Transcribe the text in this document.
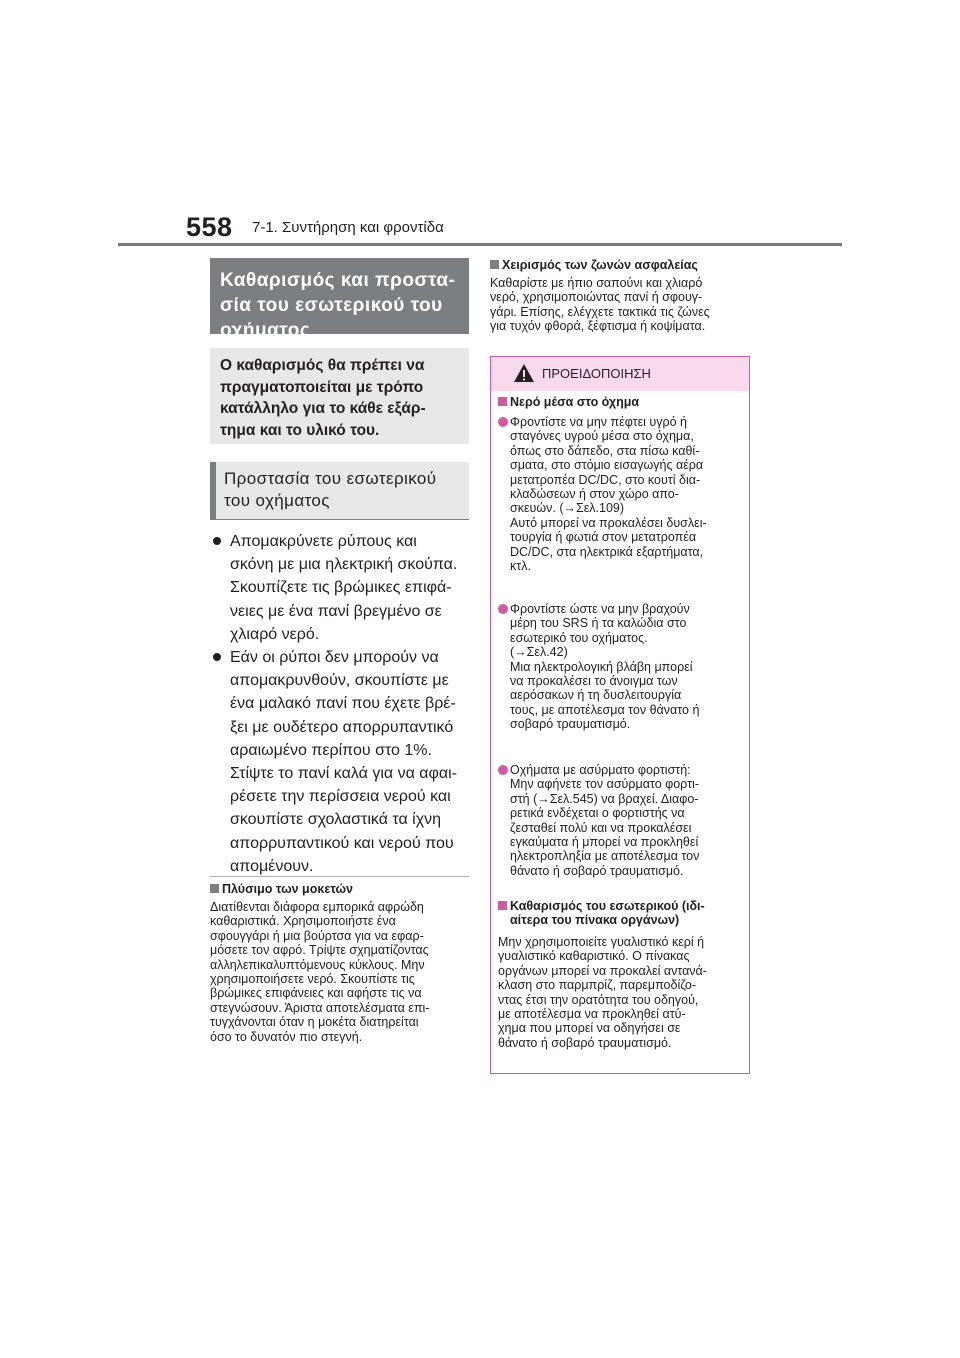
558 7-1. Συντήρηση και φροντίδα
Καθαρισμός και προστα-
σία του εσωτερικού του
οχήματος
Ο καθαρισμός θα πρέπει να
πραγματοποιείται με τρόπο
κατάλληλο για το κάθε εξάρ-
τημα και το υλικό του.
Προστασία του εσωτερικού
του οχήματος
Απομακρύνετε ρύπους και
σκόνη με μια ηλεκτρική σκούπα.
Σκουπίζετε τις βρώμικες επιφά-
νειες με ένα πανί βρεγμένο σε
χλιαρό νερό.
Εάν οι ρύποι δεν μπορούν να
απομακρυνθούν, σκουπίστε με
ένα μαλακό πανί που έχετε βρέ-
ξει με ουδέτερο απορρυπαντικό
αραιωμένο περίπου στο 1%.
Στίψτε το πανί καλά για να αφαι-
ρέσετε την περίσσεια νερού και
σκουπίστε σχολαστικά τα ίχνη
απορρυπαντικού και νερού που
απομένουν.
Πλύσιμο των μοκετών
Διατίθενται διάφορα εμπορικά αφρώδη
καθαριστικά. Χρησιμοποιήστε ένα
σφουγγάρι ή μια βούρτσα για να εφαρ-
μόσετε τον αφρό. Τρίψτε σχηματίζοντας
αλληλεπικαλυπτόμενους κύκλους. Μην
χρησιμοποιήσετε νερό. Σκουπίστε τις
βρώμικες επιφάνειες και αφήστε τις να
στεγνώσουν. Άριστα αποτελέσματα επι-
τυγχάνονται όταν η μοκέτα διατηρείται
όσο το δυνατόν πιο στεγνή.
Χειρισμός των ζωνών ασφαλείας
Καθαρίστε με ήπιο σαπούνι και χλιαρό
νερό, χρησιμοποιώντας πανί ή σφουγ-
γάρι. Επίσης, ελέγχετε τακτικά τις ζώνες
για τυχόν φθορά, ξέφτισμα ή κοψίματα.
ΠΡΟΕΙΔΟΠΟΙΗΣΗ
Νερό μέσα στο όχημα
Φροντίστε να μην πέφτει υγρό ή
σταγόνες υγρού μέσα στο όχημα,
όπως στο δάπεδο, στα πίσω καθί-
σματα, στο στόμιο εισαγωγής αέρα
μετατροπέα DC/DC, στο κουτί δια-
κλαδώσεων ή στον χώρο απο-
σκευών. (→Σελ.109)
Αυτό μπορεί να προκαλέσει δυσλει-
τουργία ή φωτιά στον μετατροπέα
DC/DC, στα ηλεκτρικά εξαρτήματα,
κτλ.
Φροντίστε ώστε να μην βραχούν
μέρη του SRS ή τα καλώδια στο
εσωτερικό του οχήματος.
(→Σελ.42)
Μια ηλεκτρολογική βλάβη μπορεί
να προκαλέσει το άνοιγμα των
αερόσακων ή τη δυσλειτουργία
τους, με αποτέλεσμα τον θάνατο ή
σοβαρό τραυματισμό.
Οχήματα με ασύρματο φορτιστή:
Μην αφήνετε τον ασύρματο φορτι-
στή (→Σελ.545) να βραχεί. Διαφο-
ρετικά ενδέχεται ο φορτιστής να
ζεσταθεί πολύ και να προκαλέσει
εγκαύματα ή μπορεί να προκληθεί
ηλεκτροπληξία με αποτέλεσμα τον
θάνατο ή σοβαρό τραυματισμό.
Καθαρισμός του εσωτερικού (ιδι-
αίτερα του πίνακα οργάνων)
Μην χρησιμοποιείτε γυαλιστικό κερί ή
γυαλιστικό καθαριστικό. Ο πίνακας
οργάνων μπορεί να προκαλεί αντανά-
κλαση στο παρμπρίζ, παρεμποδίζο-
ντας έτσι την ορατότητα του οδηγού,
με αποτέλεσμα να προκληθεί ατύ-
χημα που μπορεί να οδηγήσει σε
θάνατο ή σοβαρό τραυματισμό.
